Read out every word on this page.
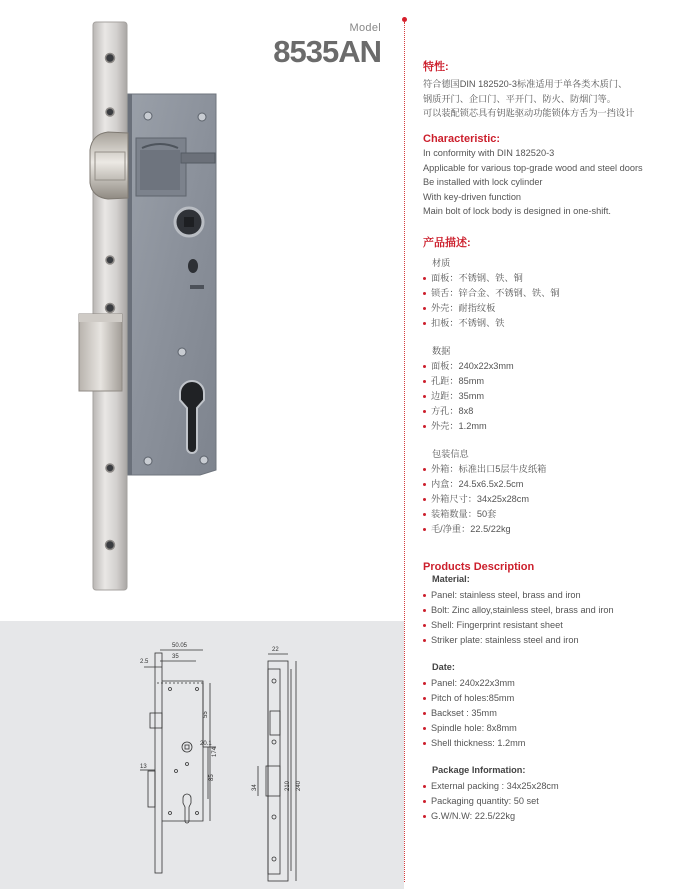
Model
8535AN
50.05
35
2.5
55
20.1
174
85
13
22
210 240
34
特性:
符合德国DIN 182520-3标准适用于单各类木质门、
钢质开门、企口门、平开门、防火、防烟门等。
可以装配锁芯具有钥匙驱动功能锁体方舌为一挡设计
Characteristic:
In conformity with DIN 182520-3
Applicable for various top-grade wood and steel doors
Be installed with lock cylinder
With key-driven function
Main bolt of lock body is designed in one-shift.
产品描述:
材质
面板：不锈钢、铁、铜
锁舌：锌合金、不锈钢、铁、铜
外壳：耐指纹板
扣板：不锈钢、铁
数据
面板：240x22x3mm
孔距：85mm
边距：35mm
方孔：8x8
外壳：1.2mm
包装信息
外箱：标准出口5层牛皮纸箱
内盒：24.5x6.5x2.5cm
外箱尺寸：34x25x28cm
装箱数量：50套
毛/净重：22.5/22kg
Products Description
Material:
Panel: stainless steel, brass and iron
Bolt: Zinc alloy,stainless steel, brass and iron
Shell: Fingerprint resistant sheet
Striker plate: stainless steel and iron
Date:
Panel: 240x22x3mm
Pitch of holes:85mm
Backset : 35mm
Spindle hole: 8x8mm
Shell thickness: 1.2mm
Package Information:
External packing : 34x25x28cm
Packaging quantity: 50 set
G.W/N.W: 22.5/22kg
